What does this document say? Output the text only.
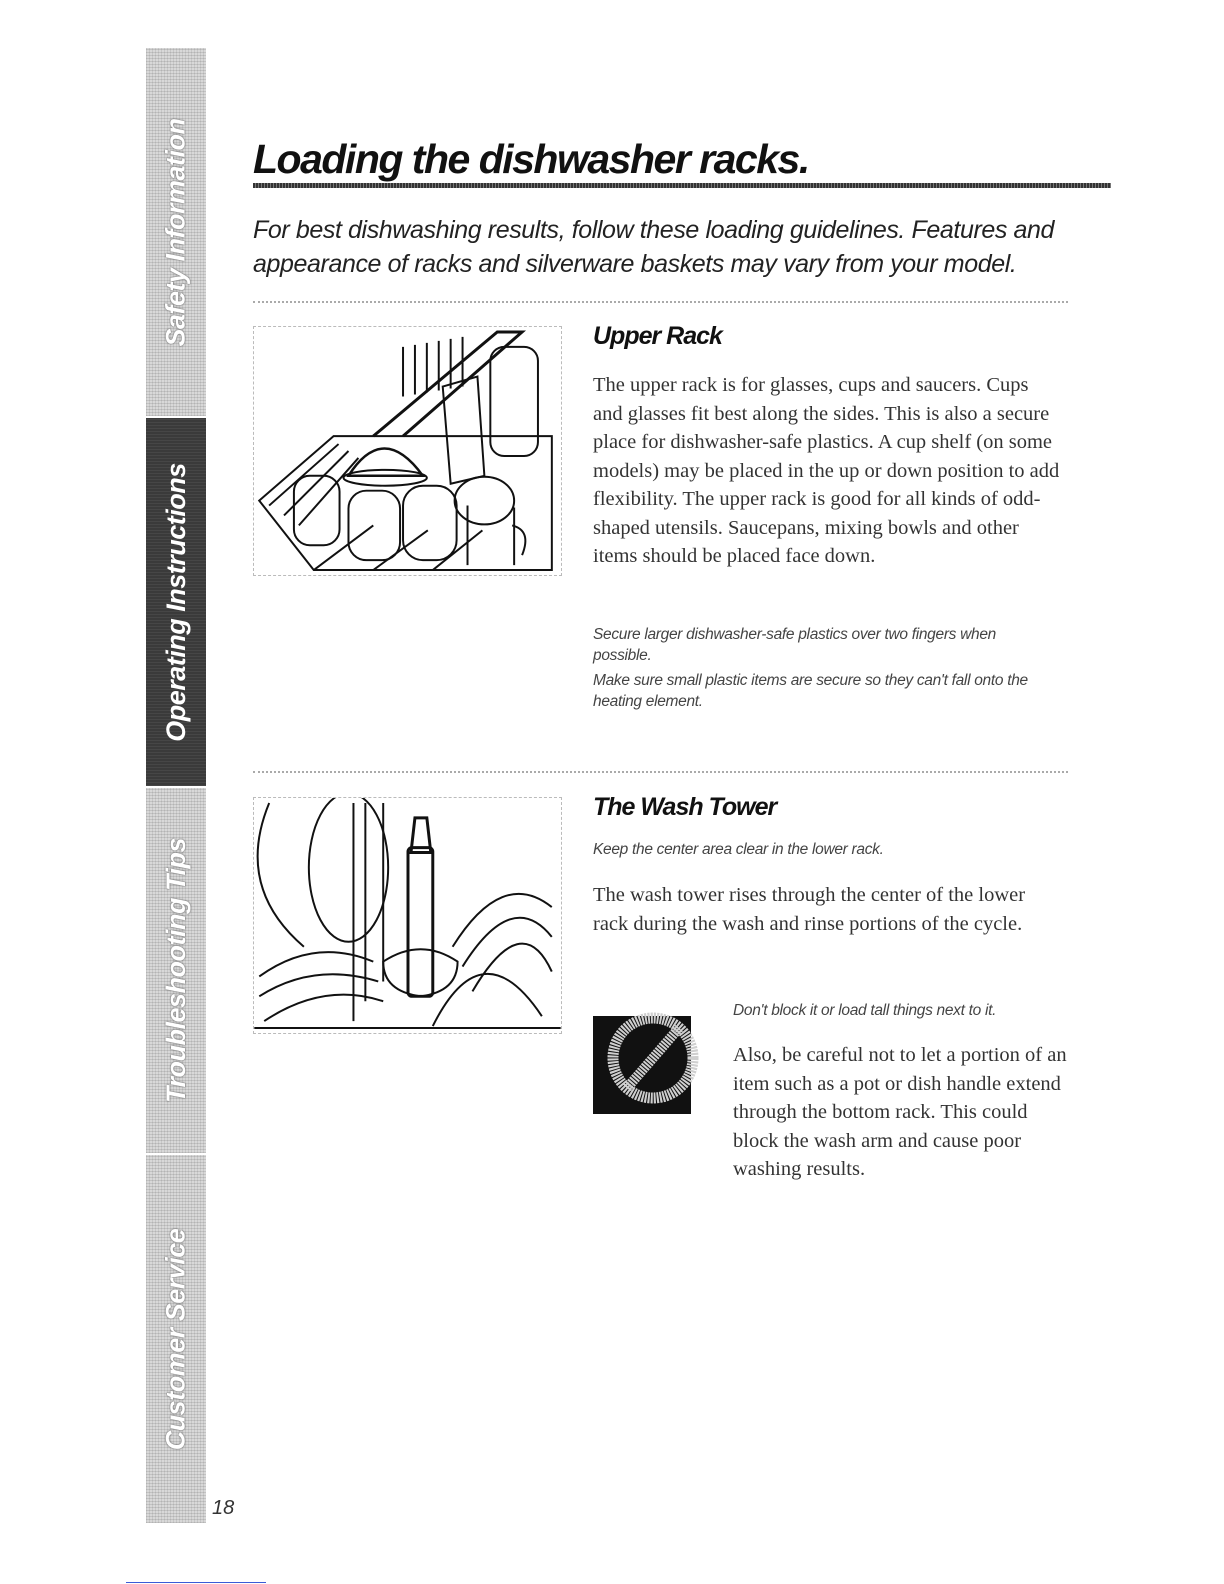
Safety Information
Operating Instructions
Troubleshooting Tips
Customer Service
18
Loading the dishwasher racks.

For best dishwashing results, follow these loading guidelines. Features and appearance of racks and silverware baskets may vary from your model.

Upper Rack

The upper rack is for glasses, cups and saucers. Cups and glasses fit best along the sides. This is also a secure place for dishwasher-safe plastics. A cup shelf (on some models) may be placed in the up or down position to add flexibility. The upper rack is good for all kinds of odd-shaped utensils. Saucepans, mixing bowls and other items should be placed face down.

Secure larger dishwasher-safe plastics over two fingers when possible.

Make sure small plastic items are secure so they can't fall onto the heating element.

The Wash Tower

Keep the center area clear in the lower rack.

The wash tower rises through the center of the lower rack during the wash and rinse portions of the cycle.

Don't block it or load tall things next to it.

Also, be careful not to let a portion of an item such as a pot or dish handle extend through the bottom rack. This could block the wash arm and cause poor washing results.
